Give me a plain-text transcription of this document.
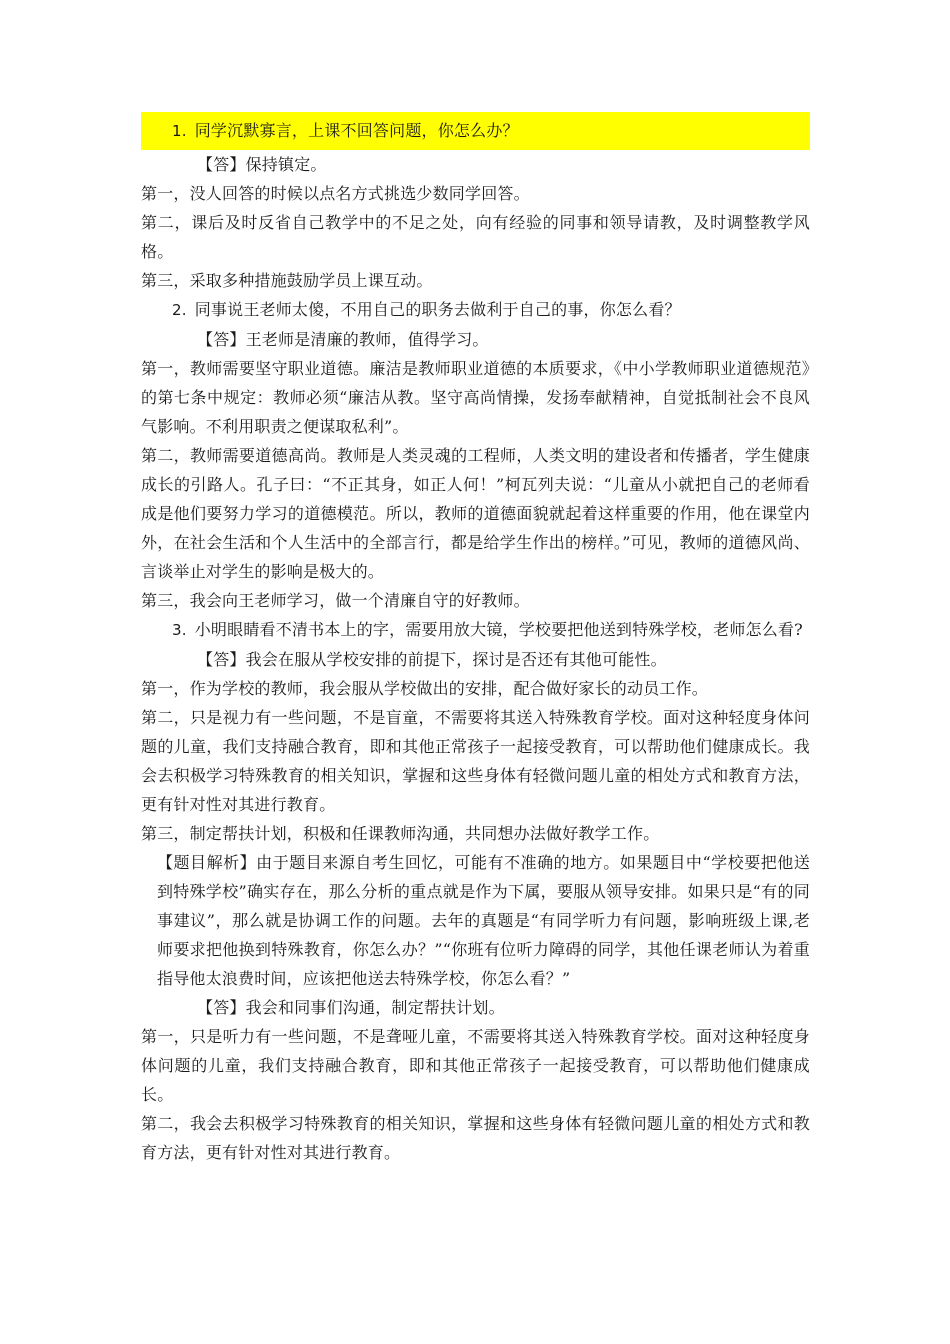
1. 同学沉默寡言，上课不回答问题，你怎么办？

【答】保持镇定。

第一，没人回答的时候以点名方式挑选少数同学回答。

第二，课后及时反省自己教学中的不足之处，向有经验的同事和领导请教，及时调整教学风格。

第三，采取多种措施鼓励学员上课互动。

2. 同事说王老师太傻，不用自己的职务去做利于自己的事，你怎么看？

【答】王老师是清廉的教师，值得学习。

第一，教师需要坚守职业道德。廉洁是教师职业道德的本质要求，《中小学教师职业道德规范》的第七条中规定：教师必须“廉洁从教。坚守高尚情操，发扬奉献精神，自觉抵制社会不良风气影响。不利用职责之便谋取私利”。

第二，教师需要道德高尚。教师是人类灵魂的工程师，人类文明的建设者和传播者，学生健康成长的引路人。孔子曰：“不正其身，如正人何！”柯瓦列夫说：“儿童从小就把自己的老师看成是他们要努力学习的道德模范。所以，教师的道德面貌就起着这样重要的作用，他在课堂内外，在社会生活和个人生活中的全部言行，都是给学生作出的榜样。”可见，教师的道德风尚、言谈举止对学生的影响是极大的。

第三，我会向王老师学习，做一个清廉自守的好教师。

3. 小明眼睛看不清书本上的字，需要用放大镜，学校要把他送到特殊学校，老师怎么看?

【答】我会在服从学校安排的前提下，探讨是否还有其他可能性。

第一，作为学校的教师，我会服从学校做出的安排，配合做好家长的动员工作。

第二，只是视力有一些问题，不是盲童，不需要将其送入特殊教育学校。面对这种轻度身体问题的儿童，我们支持融合教育，即和其他正常孩子一起接受教育，可以帮助他们健康成长。我会去积极学习特殊教育的相关知识，掌握和这些身体有轻微问题儿童的相处方式和教育方法，更有针对性对其进行教育。

第三，制定帮扶计划，积极和任课教师沟通，共同想办法做好教学工作。

【题目解析】由于题目来源自考生回忆，可能有不准确的地方。如果题目中“学校要把他送到特殊学校”确实存在，那么分析的重点就是作为下属，要服从领导安排。如果只是“有的同事建议”，那么就是协调工作的问题。去年的真题是“有同学听力有问题，影响班级上课,老师要求把他换到特殊教育，你怎么办？”“你班有位听力障碍的同学，其他任课老师认为着重指导他太浪费时间，应该把他送去特殊学校，你怎么看？”

【答】我会和同事们沟通，制定帮扶计划。

第一，只是听力有一些问题，不是聋哑儿童，不需要将其送入特殊教育学校。面对这种轻度身体问题的儿童，我们支持融合教育，即和其他正常孩子一起接受教育，可以帮助他们健康成长。

第二，我会去积极学习特殊教育的相关知识，掌握和这些身体有轻微问题儿童的相处方式和教育方法，更有针对性对其进行教育。
